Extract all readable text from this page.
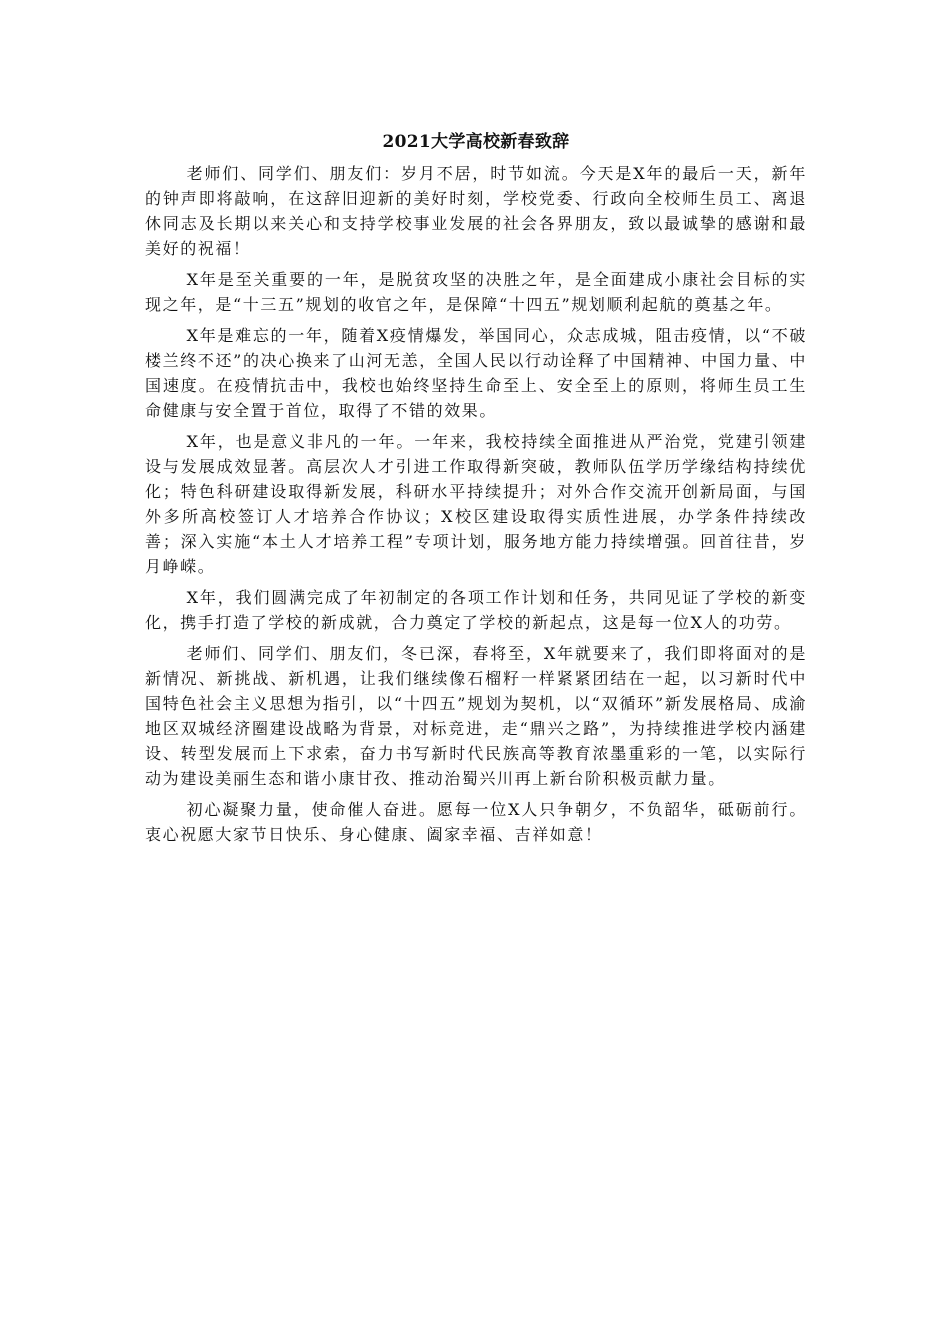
2021大学高校新春致辞

老师们、同学们、朋友们：岁月不居，时节如流。今天是X年的最后一天，新年的钟声即将敲响，在这辞旧迎新的美好时刻，学校党委、行政向全校师生员工、离退休同志及长期以来关心和支持学校事业发展的社会各界朋友，致以最诚挚的感谢和最美好的祝福！

X年是至关重要的一年，是脱贫攻坚的决胜之年，是全面建成小康社会目标的实现之年，是“十三五”规划的收官之年，是保障“十四五”规划顺利起航的奠基之年。

X年是难忘的一年，随着X疫情爆发，举国同心，众志成城，阻击疫情，以“不破楼兰终不还”的决心换来了山河无恙，全国人民以行动诠释了中国精神、中国力量、中国速度。在疫情抗击中，我校也始终坚持生命至上、安全至上的原则，将师生员工生命健康与安全置于首位，取得了不错的效果。

X年，也是意义非凡的一年。一年来，我校持续全面推进从严治党，党建引领建设与发展成效显著。高层次人才引进工作取得新突破，教师队伍学历学缘结构持续优化；特色科研建设取得新发展，科研水平持续提升；对外合作交流开创新局面，与国外多所高校签订人才培养合作协议；X校区建设取得实质性进展，办学条件持续改善；深入实施“本土人才培养工程”专项计划，服务地方能力持续增强。回首往昔，岁月峥嵘。

X年，我们圆满完成了年初制定的各项工作计划和任务，共同见证了学校的新变化，携手打造了学校的新成就，合力奠定了学校的新起点，这是每一位X人的功劳。

老师们、同学们、朋友们，冬已深，春将至，X年就要来了，我们即将面对的是新情况、新挑战、新机遇，让我们继续像石榴籽一样紧紧团结在一起，以习新时代中国特色社会主义思想为指引，以“十四五”规划为契机，以“双循环”新发展格局、成渝地区双城经济圈建设战略为背景，对标竞进，走“鼎兴之路”，为持续推进学校内涵建设、转型发展而上下求索，奋力书写新时代民族高等教育浓墨重彩的一笔，以实际行动为建设美丽生态和谐小康甘孜、推动治蜀兴川再上新台阶积极贡献力量。

初心凝聚力量，使命催人奋进。愿每一位X人只争朝夕，不负韶华，砥砺前行。衷心祝愿大家节日快乐、身心健康、阖家幸福、吉祥如意！
